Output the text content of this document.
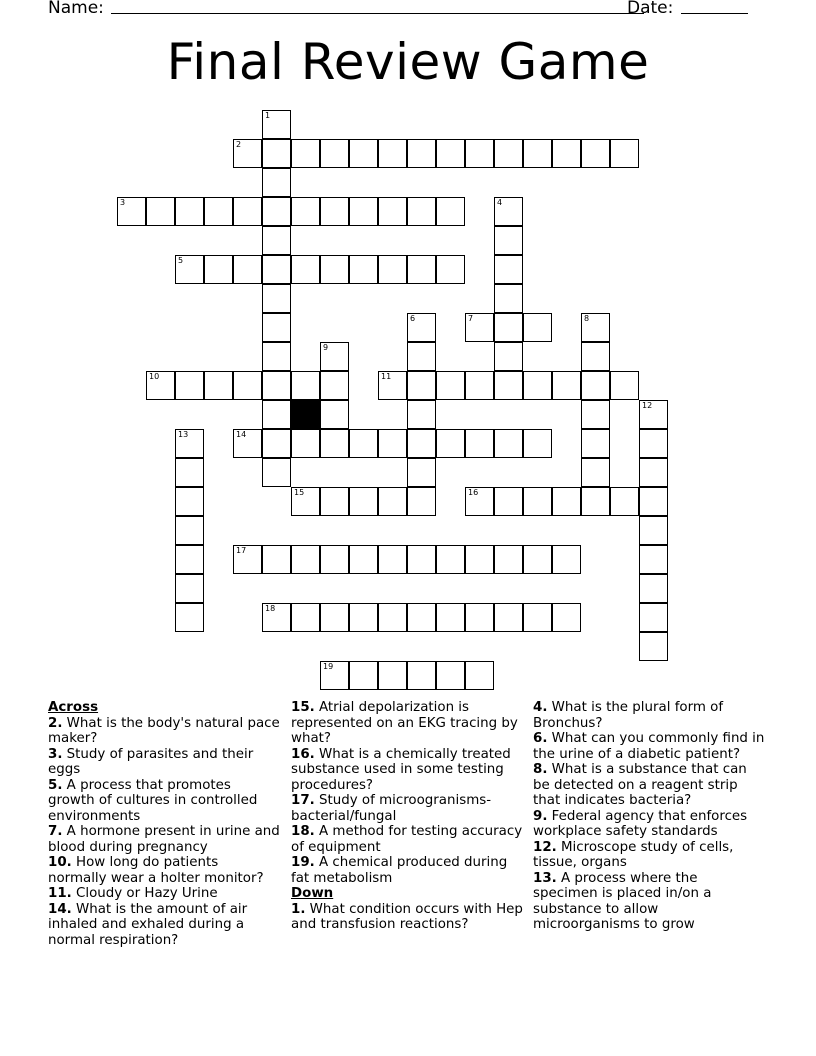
Name:	Date:
Final Review Game
1
2
3	4
5
6	7	8
9
10	11
12
13	14
15	16
17
18
19
Across
2. What is the body's natural pace maker?
3. Study of parasites and their eggs
5. A process that promotes growth of cultures in controlled environments
7. A hormone present in urine and blood during pregnancy
10. How long do patients normally wear a holter monitor?
11. Cloudy or Hazy Urine
14. What is the amount of air inhaled and exhaled during a normal respiration?
15. Atrial depolarization is represented on an EKG tracing by what?
16. What is a chemically treated substance used in some testing procedures?
17. Study of microogranisms-bacterial/fungal
18. A method for testing accuracy of equipment
19. A chemical produced during fat metabolism
Down
1. What condition occurs with Hep and transfusion reactions?
4. What is the plural form of Bronchus?
6. What can you commonly find in the urine of a diabetic patient?
8. What is a substance that can be detected on a reagent strip that indicates bacteria?
9. Federal agency that enforces workplace safety standards
12. Microscope study of cells, tissue, organs
13. A process where the specimen is placed in/on a substance to allow microorganisms to grow
